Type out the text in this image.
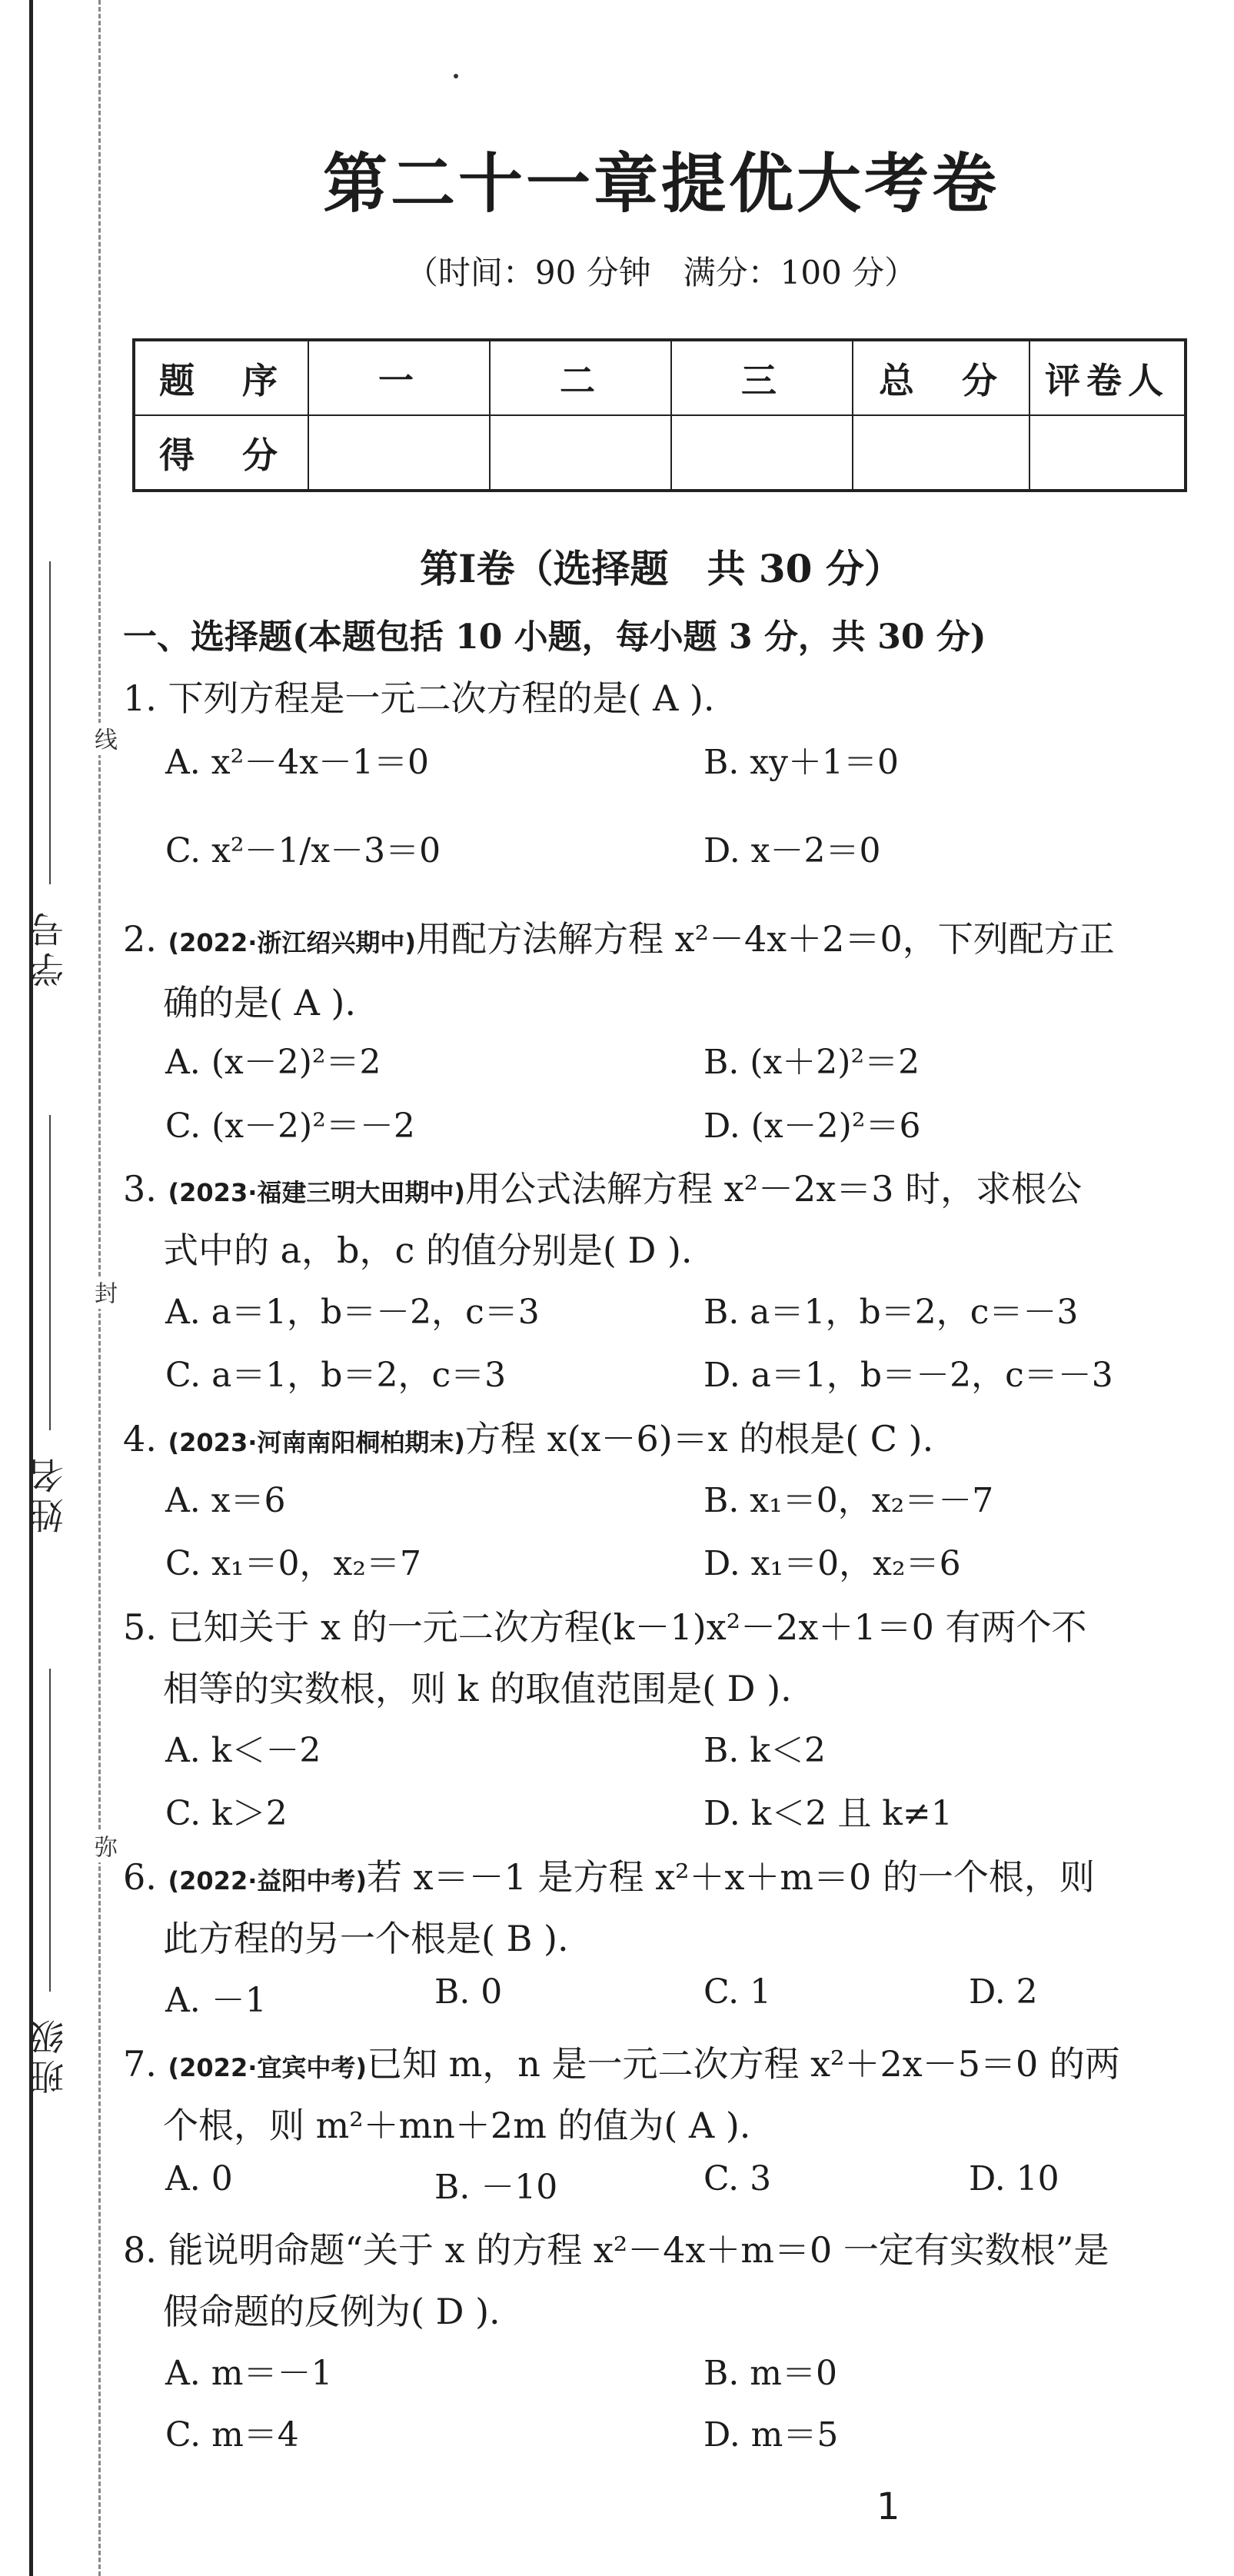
学号
姓名
班级
线
封
弥
第二十一章提优大考卷
（时间：90 分钟　满分：100 分）
题　序	一	二	三	总　分	评卷人
得　分					
第Ⅰ卷（选择题　共 30 分）
一、选择题(本题包括 10 小题，每小题 3 分，共 30 分)
1. 下列方程是一元二次方程的是( A ).
A. x²－4x－1＝0	B. xy＋1＝0
C. x²－1/x－3＝0	D. x－2＝0
2. (2022·浙江绍兴期中)用配方法解方程 x²－4x＋2＝0，下列配方正
确的是( A ).
A. (x－2)²＝2	B. (x＋2)²＝2
C. (x－2)²＝－2	D. (x－2)²＝6
3. (2023·福建三明大田期中)用公式法解方程 x²－2x＝3 时，求根公
式中的 a，b，c 的值分别是( D ).
A. a＝1，b＝－2，c＝3	B. a＝1，b＝2，c＝－3
C. a＝1，b＝2，c＝3	D. a＝1，b＝－2，c＝－3
4. (2023·河南南阳桐柏期末)方程 x(x－6)＝x 的根是( C ).
A. x＝6	B. x₁＝0，x₂＝－7
C. x₁＝0，x₂＝7	D. x₁＝0，x₂＝6
5. 已知关于 x 的一元二次方程(k－1)x²－2x＋1＝0 有两个不
相等的实数根，则 k 的取值范围是( D ).
A. k＜－2	B. k＜2
C. k＞2	D. k＜2 且 k≠1
6. (2022·益阳中考)若 x＝－1 是方程 x²＋x＋m＝0 的一个根，则
此方程的另一个根是( B ).
A. －1	B. 0	C. 1	D. 2
7. (2022·宜宾中考)已知 m，n 是一元二次方程 x²＋2x－5＝0 的两
个根，则 m²＋mn＋2m 的值为( A ).
A. 0	B. －10	C. 3	D. 10
8. 能说明命题“关于 x 的方程 x²－4x＋m＝0 一定有实数根”是
假命题的反例为( D ).
A. m＝－1	B. m＝0
C. m＝4	D. m＝5
1
